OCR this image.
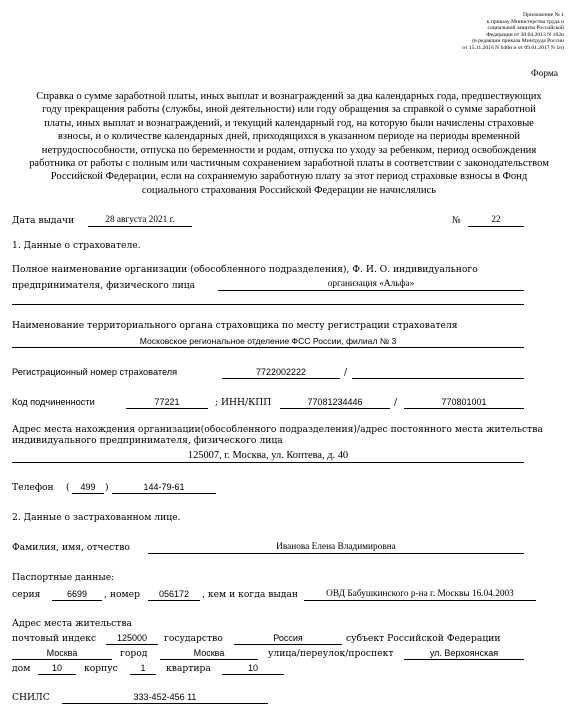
Приложение № 1
к приказу Министерства труда и
социальной защиты Российской
Федерации от 30.04.2013 N 182н
(в редакции приказа Минтруда России
от 15.11.2016 N 648н и от 09.01.2017 N 1н)
Форма
Справка о сумме заработной платы, иных выплат и вознаграждений за два календарных года, предшествующих году прекращения работы (службы, иной деятельности) или году обращения за справкой о сумме заработной платы, иных выплат и вознаграждений, и текущий календарный год, на которую были начислены страховые взносы, и о количестве календарных дней, приходящихся в указанном периоде на периоды временной нетрудоспособности, отпуска по беременности и родам, отпуска по уходу за ребенком, период освобождения работника от работы с полным или частичным сохранением заработной платы в соответствии с законодательством Российской Федерации, если на сохраняемую заработную плату за этот период страховые взносы в Фонд социального страхования Российской Федерации не начислялись
Дата выдачи	28 августа 2021 г.	№	22
1. Данные о страхователе.
Полное наименование организации (обособленного подразделения), Ф. И. О. индивидуального
предпринимателя, физического лица	организация «Альфа»
Наименование территориального органа страховщика по месту регистрации страхователя
Московское региональное отделение ФСС России, филиал № 3
Регистрационный номер страхователя	7722002222	/
Код подчиненности	77221	; ИНН/КПП	77081234446	/	770801001
Адрес места нахождения организации(обособленного подразделения)/адрес постоянного места жительства
индивидуального предпринимателя, физического лица
125007, г. Москва, ул. Коптева, д. 40
Телефон (	499	)	144-79-61
2. Данные о застрахованном лице.
Фамилия, имя, отчество	Иванова Елена Владимировна
Паспортные данные:
серия	6699	, номер	056172	, кем и когда выдан	ОВД Бабушкинского р-на г. Москвы 16.04.2003
Адрес места жительства
почтовый индекс	125000	государство	Россия	субъект Российской Федерации
Москва	город	Москва	улица/переулок/проспект	ул. Верхоянская
дом	10	корпус	1	квартира	10
СНИЛС	333-452-456 11
